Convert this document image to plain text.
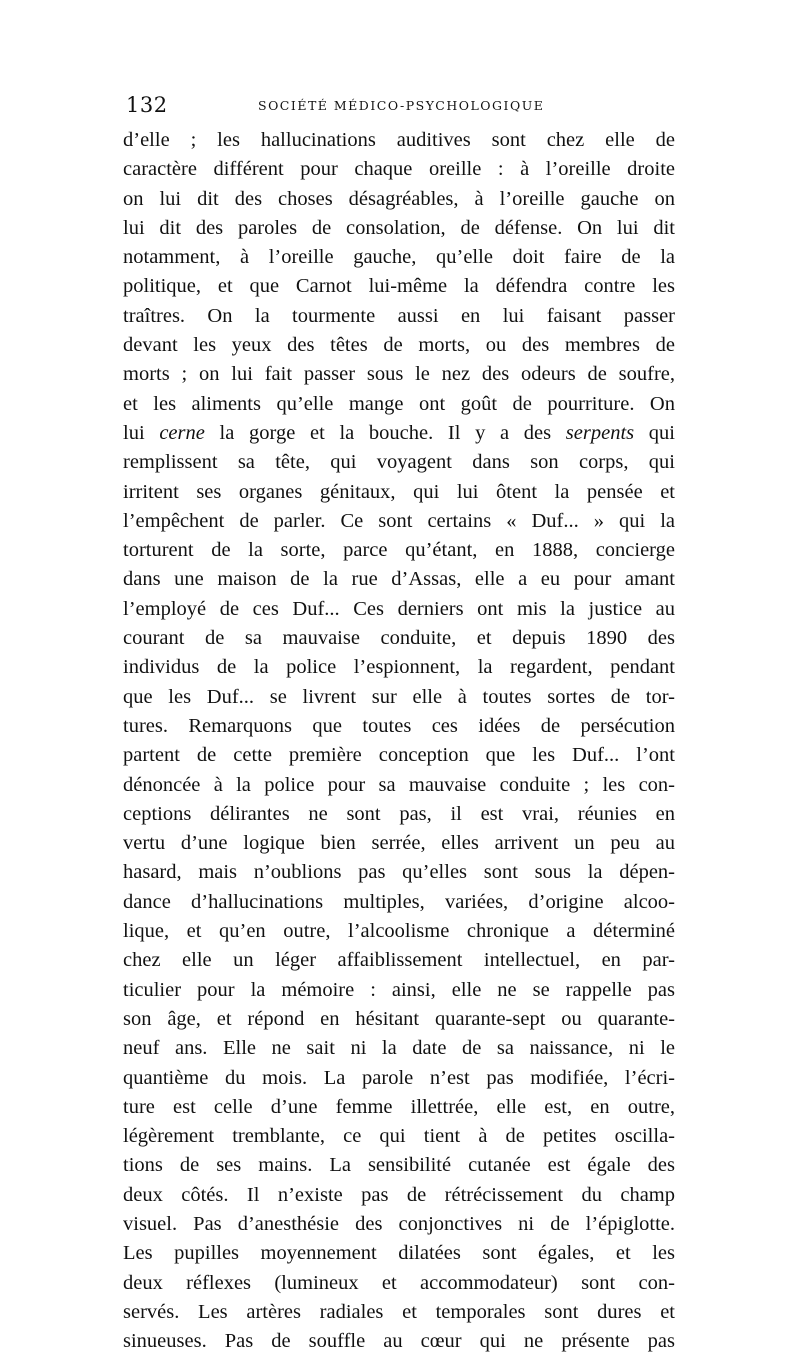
132	SOCIÉTÉ MÉDICO-PSYCHOLOGIQUE
d’elle ; les hallucinations auditives sont chez elle de
caractère différent pour chaque oreille : à l’oreille droite
on lui dit des choses désagréables, à l’oreille gauche on
lui dit des paroles de consolation, de défense. On lui dit
notamment, à l’oreille gauche, qu’elle doit faire de la
politique, et que Carnot lui-même la défendra contre les
traîtres. On la tourmente aussi en lui faisant passer
devant les yeux des têtes de morts, ou des membres de
morts ; on lui fait passer sous le nez des odeurs de soufre,
et les aliments qu’elle mange ont goût de pourriture. On
lui cerne la gorge et la bouche. Il y a des serpents qui
remplissent sa tête, qui voyagent dans son corps, qui
irritent ses organes génitaux, qui lui ôtent la pensée et
l’empêchent de parler. Ce sont certains « Duf... » qui la
torturent de la sorte, parce qu’étant, en 1888, concierge
dans une maison de la rue d’Assas, elle a eu pour amant
l’employé de ces Duf... Ces derniers ont mis la justice au
courant de sa mauvaise conduite, et depuis 1890 des
individus de la police l’espionnent, la regardent, pendant
que les Duf... se livrent sur elle à toutes sortes de tor-
tures. Remarquons que toutes ces idées de persécution
partent de cette première conception que les Duf... l’ont
dénoncée à la police pour sa mauvaise conduite ; les con-
ceptions délirantes ne sont pas, il est vrai, réunies en
vertu d’une logique bien serrée, elles arrivent un peu au
hasard, mais n’oublions pas qu’elles sont sous la dépen-
dance d’hallucinations multiples, variées, d’origine alcoo-
lique, et qu’en outre, l’alcoolisme chronique a déterminé
chez elle un léger affaiblissement intellectuel, en par-
ticulier pour la mémoire : ainsi, elle ne se rappelle pas
son âge, et répond en hésitant quarante-sept ou quarante-
neuf ans. Elle ne sait ni la date de sa naissance, ni le
quantième du mois. La parole n’est pas modifiée, l’écri-
ture est celle d’une femme illettrée, elle est, en outre,
légèrement tremblante, ce qui tient à de petites oscilla-
tions de ses mains. La sensibilité cutanée est égale des
deux côtés. Il n’existe pas de rétrécissement du champ
visuel. Pas d’anesthésie des conjonctives ni de l’épiglotte.
Les pupilles moyennement dilatées sont égales, et les
deux réflexes (lumineux et accommodateur) sont con-
servés. Les artères radiales et temporales sont dures et
sinueuses. Pas de souffle au cœur qui ne présente pas
